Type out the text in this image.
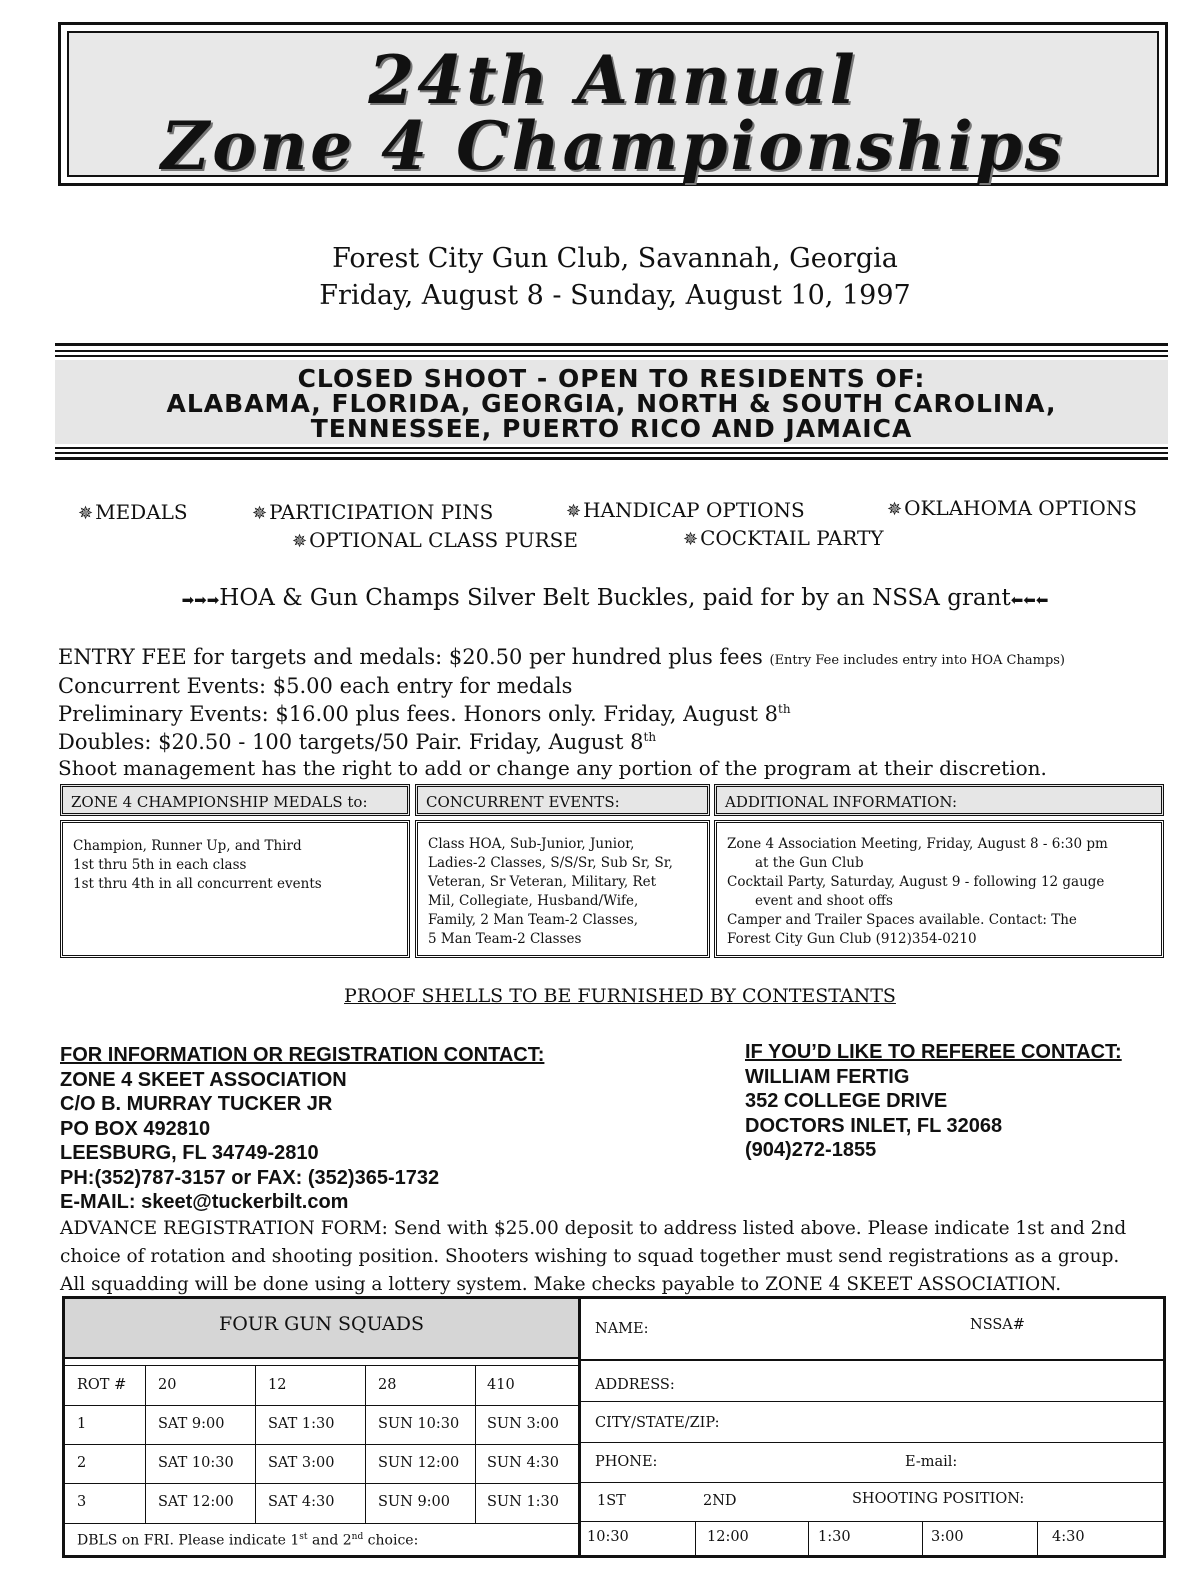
24th Annual
Zone 4 Championships
Forest City Gun Club, Savannah, Georgia
Friday, August 8 - Sunday, August 10, 1997
CLOSED SHOOT - OPEN TO RESIDENTS OF:
ALABAMA, FLORIDA, GEORGIA, NORTH & SOUTH CAROLINA,
TENNESSEE, PUERTO RICO AND JAMAICA
✵ MEDALS	✵ PARTICIPATION PINS	✵ HANDICAP OPTIONS	✵ OKLAHOMA OPTIONS
✵ OPTIONAL CLASS PURSE	✵ COCKTAIL PARTY
➡➡➡HOA & Gun Champs Silver Belt Buckles, paid for by an NSSA grant⬅⬅⬅
ENTRY FEE for targets and medals: $20.50 per hundred plus fees (Entry Fee includes entry into HOA Champs)
Concurrent Events: $5.00 each entry for medals
Preliminary Events: $16.00 plus fees. Honors only. Friday, August 8th
Doubles: $20.50 - 100 targets/50 Pair. Friday, August 8th
Shoot management has the right to add or change any portion of the program at their discretion.
ZONE 4 CHAMPIONSHIP MEDALS to:	CONCURRENT EVENTS:	ADDITIONAL INFORMATION:
Champion, Runner Up, and Third
1st thru 5th in each class
1st thru 4th in all concurrent events
Class HOA, Sub-Junior, Junior,
Ladies-2 Classes, S/S/Sr, Sub Sr, Sr,
Veteran, Sr Veteran, Military, Ret
Mil, Collegiate, Husband/Wife,
Family, 2 Man Team-2 Classes,
5 Man Team-2 Classes
Zone 4 Association Meeting, Friday, August 8 - 6:30 pm
at the Gun Club
Cocktail Party, Saturday, August 9 - following 12 gauge
event and shoot offs
Camper and Trailer Spaces available. Contact: The
Forest City Gun Club (912)354-0210
PROOF SHELLS TO BE FURNISHED BY CONTESTANTS
FOR INFORMATION OR REGISTRATION CONTACT:
ZONE 4 SKEET ASSOCIATION
C/O B. MURRAY TUCKER JR
PO BOX 492810
LEESBURG, FL 34749-2810
PH:(352)787-3157 or FAX: (352)365-1732
E-MAIL: skeet@tuckerbilt.com
IF YOU’D LIKE TO REFEREE CONTACT:
WILLIAM FERTIG
352 COLLEGE DRIVE
DOCTORS INLET, FL 32068
(904)272-1855
ADVANCE REGISTRATION FORM: Send with $25.00 deposit to address listed above. Please indicate 1st and 2nd
choice of rotation and shooting position. Shooters wishing to squad together must send registrations as a group.
All squadding will be done using a lottery system. Make checks payable to ZONE 4 SKEET ASSOCIATION.
FOUR GUN SQUADS
ROT # 20	12	28	410
1	SAT 9:00	SAT 1:30	SUN 10:30 SUN 3:00
2	SAT 10:30 SAT 3:00	SUN 12:00 SUN 4:30
3	SAT 12:00 SAT 4:30	SUN 9:00	SUN 1:30
DBLS on FRI. Please indicate 1st and 2nd choice:
NAME:	NSSA#
ADDRESS:
CITY/STATE/ZIP:
PHONE:	E-mail:
1ST	2ND	SHOOTING POSITION:
10:30	12:00	1:30	3:00	4:30
